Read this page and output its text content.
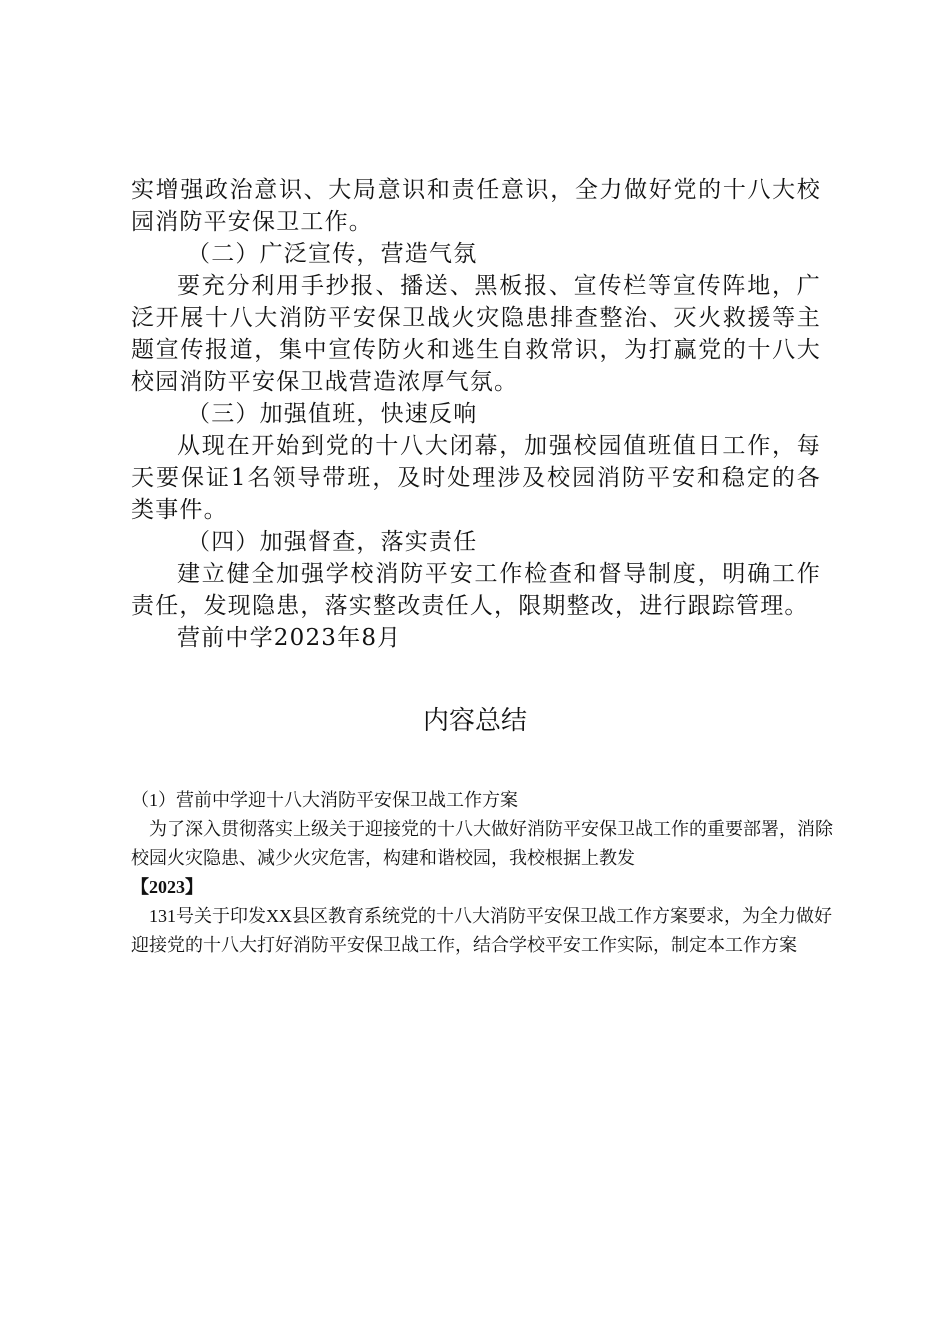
实增强政治意识、大局意识和责任意识，全力做好党的十八大校园消防平安保卫工作。

（二）广泛宣传，营造气氛

要充分利用手抄报、播送、黑板报、宣传栏等宣传阵地，广泛开展十八大消防平安保卫战火灾隐患排查整治、灭火救援等主题宣传报道，集中宣传防火和逃生自救常识，为打赢党的十八大校园消防平安保卫战营造浓厚气氛。

（三）加强值班，快速反响

从现在开始到党的十八大闭幕，加强校园值班值日工作，每天要保证1名领导带班，及时处理涉及校园消防平安和稳定的各类事件。

（四）加强督查，落实责任

建立健全加强学校消防平安工作检查和督导制度，明确工作责任，发现隐患，落实整改责任人，限期整改，进行跟踪管理。

营前中学2023年8月

内容总结

（1）营前中学迎十八大消防平安保卫战工作方案

为了深入贯彻落实上级关于迎接党的十八大做好消防平安保卫战工作的重要部署，消除校园火灾隐患、减少火灾危害，构建和谐校园，我校根据上教发

【2023】

131号关于印发XX县区教育系统党的十八大消防平安保卫战工作方案要求，为全力做好迎接党的十八大打好消防平安保卫战工作，结合学校平安工作实际，制定本工作方案
